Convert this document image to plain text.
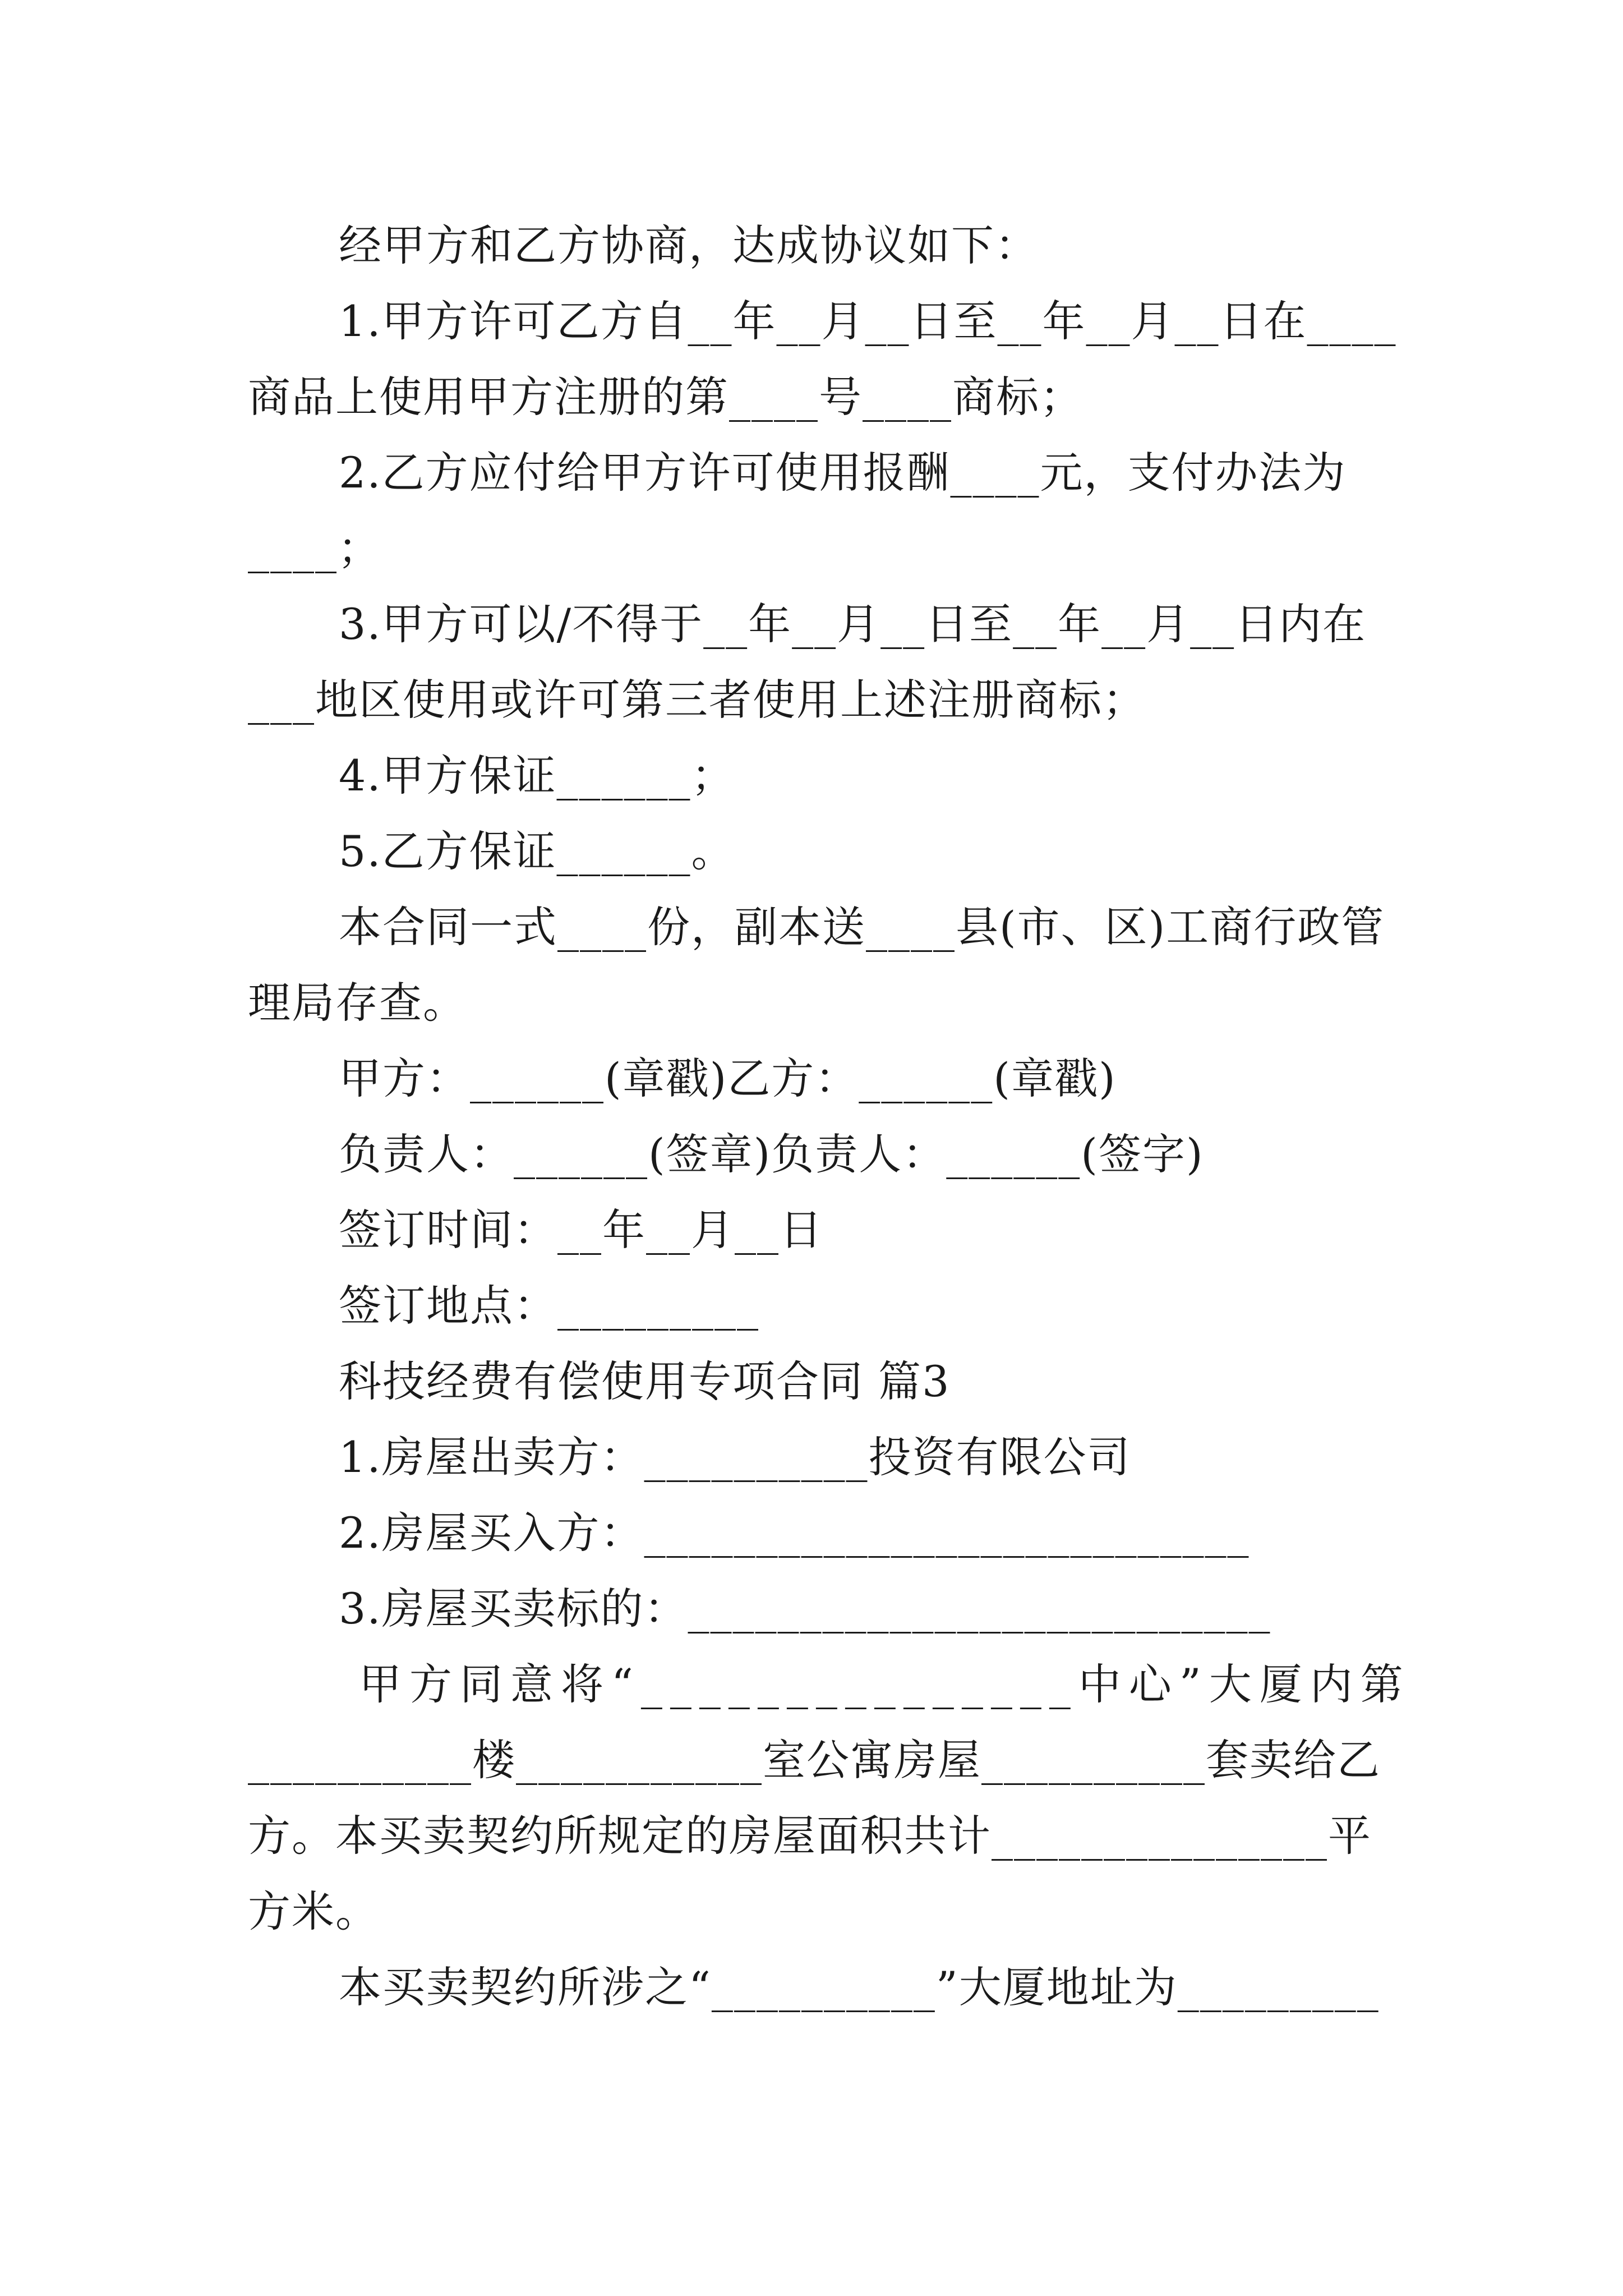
经甲方和乙方协商，达成协议如下：
1.甲方许可乙方自__年__月__日至__年__月__日在____
商品上使用甲方注册的第____号____商标；
2.乙方应付给甲方许可使用报酬____元，支付办法为
____；
3.甲方可以/不得于__年__月__日至__年__月__日内在
___地区使用或许可第三者使用上述注册商标；
4.甲方保证______；
5.乙方保证______。
本合同一式____份，副本送____县(市、区)工商行政管
理局存查。
甲方：______(章戳)乙方：______(章戳)
负责人：______(签章)负责人：______(签字)
签订时间：__年__月__日
签订地点：_________
科技经费有偿使用专项合同 篇3
1.房屋出卖方：__________投资有限公司
2.房屋买入方：___________________________
3.房屋买卖标的：__________________________
甲方同意将“_______________中心”大厦内第
__________楼___________室公寓房屋__________套卖给乙
方。本买卖契约所规定的房屋面积共计_______________平
方米。
本买卖契约所涉之“__________”大厦地址为_________
